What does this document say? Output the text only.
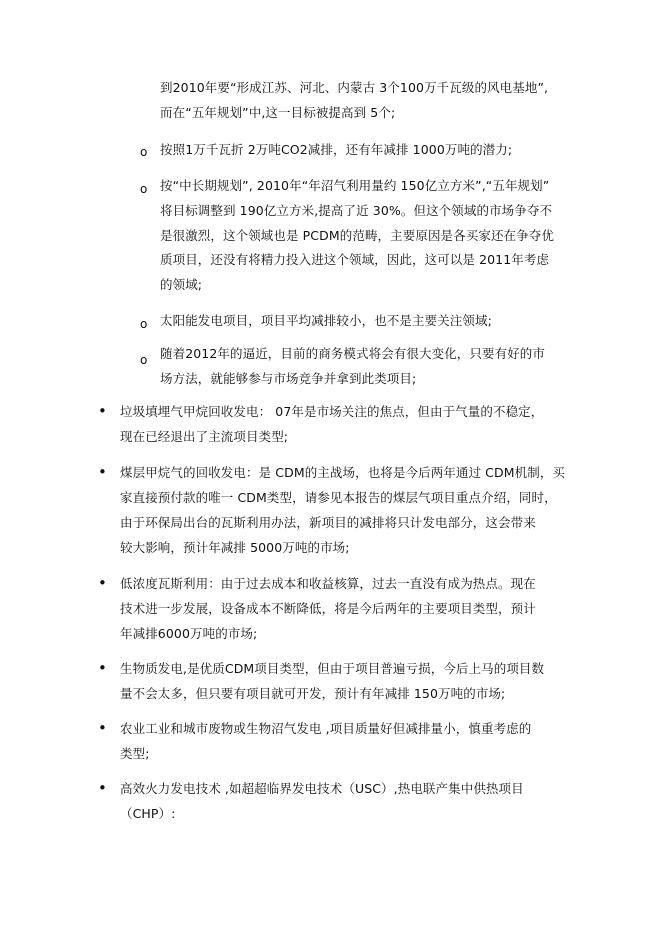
到2010年要“形成江苏、河北、内蒙古 3个100万千瓦级的风电基地”,
而在“五年规划”中,这一目标被提高到 5个;
o 按照1万千瓦折 2万吨CO2减排，还有年减排 1000万吨的潜力;
o 按“中长期规划”, 2010年“年沼气利用量约 150亿立方米”,“五年规划”
将目标调整到 190亿立方米,提高了近 30%。但这个领域的市场争夺不
是很激烈，这个领域也是 PCDM的范畴，主要原因是各买家还在争夺优
质项目，还没有将精力投入进这个领域，因此，这可以是 2011年考虑
的领域;
o 太阳能发电项目，项目平均减排较小，也不是主要关注领域;
o 随着2012年的逼近，目前的商务模式将会有很大变化，只要有好的市
场方法，就能够参与市场竞争并拿到此类项目;
• 垃圾填埋气甲烷回收发电： 07年是市场关注的焦点，但由于气量的不稳定，
现在已经退出了主流项目类型;
• 煤层甲烷气的回收发电：是 CDM的主战场，也将是今后两年通过 CDM机制，买
家直接预付款的唯一 CDM类型，请参见本报告的煤层气项目重点介绍，同时，
由于环保局出台的瓦斯利用办法，新项目的减排将只计发电部分，这会带来
较大影响，预计年减排 5000万吨的市场;
• 低浓度瓦斯利用：由于过去成本和收益核算，过去一直没有成为热点。现在
技术进一步发展，设备成本不断降低，将是今后两年的主要项目类型，预计
年减排6000万吨的市场;
• 生物质发电,是优质CDM项目类型，但由于项目普遍亏损，今后上马的项目数
量不会太多，但只要有项目就可开发，预计有年减排 150万吨的市场;
• 农业工业和城市废物或生物沼气发电 ,项目质量好但减排量小，慎重考虑的
类型;
• 高效火力发电技术 ,如超超临界发电技术（USC）,热电联产集中供热项目
（CHP）:
